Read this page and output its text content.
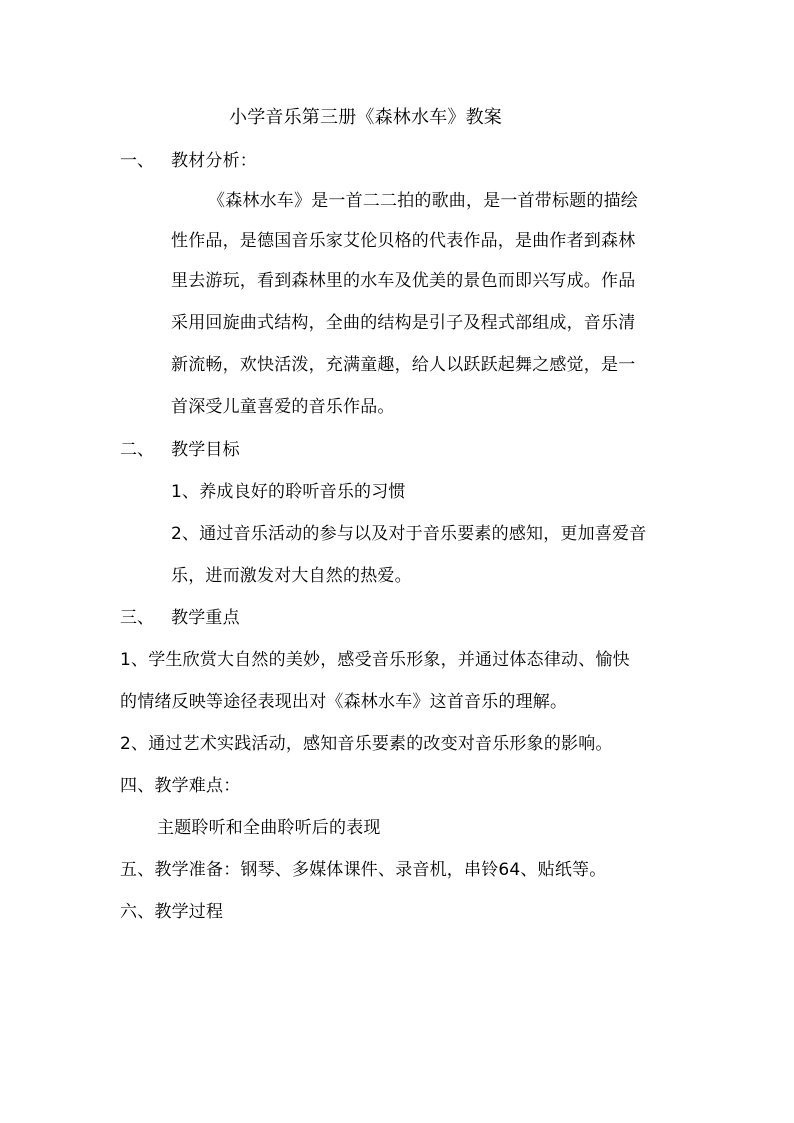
小学音乐第三册《森林水车》教案
一、 教材分析：
《森林水车》是一首二二拍的歌曲，是一首带标题的描绘
性作品，是德国音乐家艾伦贝格的代表作品，是曲作者到森林
里去游玩，看到森林里的水车及优美的景色而即兴写成。作品
采用回旋曲式结构，全曲的结构是引子及程式部组成，音乐清
新流畅，欢快活泼，充满童趣，给人以跃跃起舞之感觉，是一
首深受儿童喜爱的音乐作品。
二、 教学目标
1、养成良好的聆听音乐的习惯
2、通过音乐活动的参与以及对于音乐要素的感知，更加喜爱音
乐，进而激发对大自然的热爱。
三、 教学重点
1、学生欣赏大自然的美妙，感受音乐形象，并通过体态律动、愉快
的情绪反映等途径表现出对《森林水车》这首音乐的理解。
2、通过艺术实践活动，感知音乐要素的改变对音乐形象的影响。
四、教学难点：
主题聆听和全曲聆听后的表现
五、教学准备：钢琴、多媒体课件、录音机，串铃64、贴纸等。
六、教学过程
